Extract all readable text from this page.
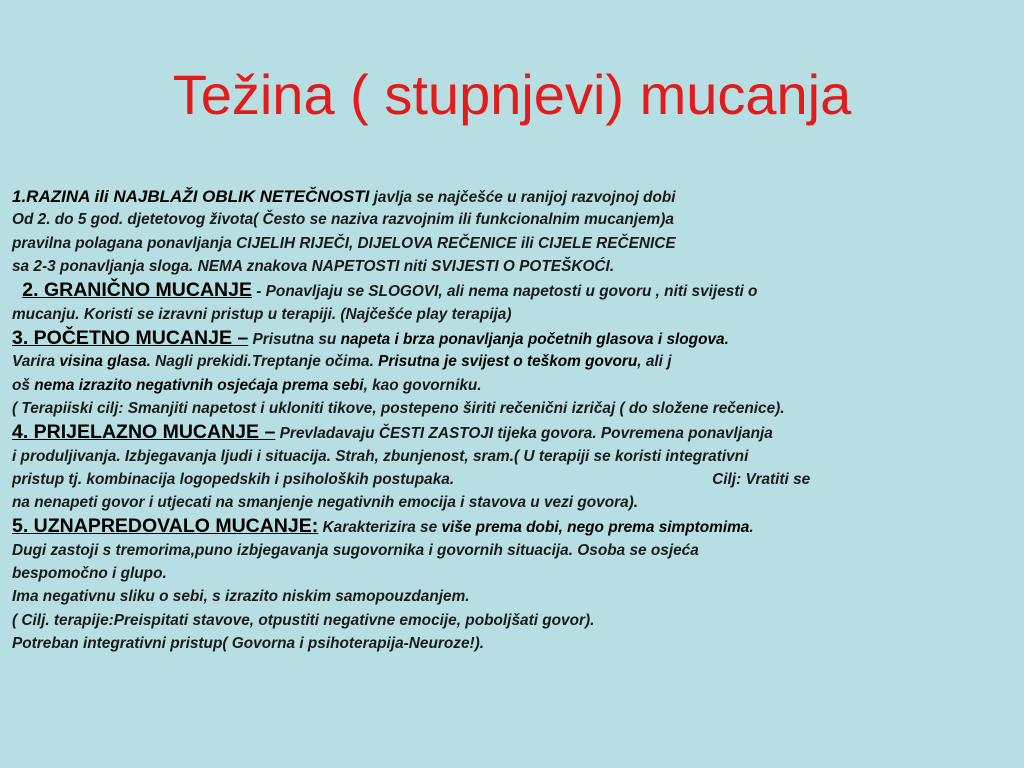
Težina ( stupnjevi) mucanja
1.RAZINA ili NAJBLAŽI OBLIK NETEČNOSTI javlja se najčešće u ranijoj razvojnoj dobi
Od 2. do 5 god. djetetovog života( Često se naziva razvojnim ili funkcionalnim mucanjem)a
pravilna polagana ponavljanja CIJELIH RIJEČI, DIJELOVA REČENICE ili CIJELE REČENICE
sa 2-3 ponavljanja sloga. NEMA znakova NAPETOSTI niti SVIJESTI O POTEŠKOĆI.
2. GRANIČNO MUCANJE - Ponavljaju se SLOGOVI, ali nema napetosti u govoru , niti svijesti o
mucanju. Koristi se izravni pristup u terapiji. (Najčešće play terapija)
3. POČETNO MUCANJE – Prisutna su napeta i brza ponavljanja početnih glasova i slogova.
Varira visina glasa. Nagli prekidi.Treptanje očima. Prisutna je svijest o teškom govoru, ali j
oš nema izrazito negativnih osjećaja prema sebi, kao govorniku.
( Terapiiski cilj: Smanjiti napetost i ukloniti tikove, postepeno širiti rečenični izričaj ( do složene rečenice).
4. PRIJELAZNO MUCANJE – Prevladavaju ČESTI ZASTOJI tijeka govora. Povremena ponavljanja
i produljivanja. Izbjegavanja ljudi i situacija. Strah, zbunjenost, sram.( U terapiji se koristi integrativni
pristup tj. kombinacija logopedskih i psiholoških postupaka.	Cilj: Vratiti se
na nenapeti govor i utjecati na smanjenje negativnih emocija i stavova u vezi govora).
5. UZNAPREDOVALO MUCANJE: Karakterizira se više prema dobi, nego prema simptomima.
Dugi zastoji s tremorima,puno izbjegavanja sugovornika i govornih situacija. Osoba se osjeća
bespomočno i glupo.
Ima negativnu sliku o sebi, s izrazito niskim samopouzdanjem.
( Cilj. terapije:Preispitati stavove, otpustiti negativne emocije, poboljšati govor).
Potreban integrativni pristup( Govorna i psihoterapija-Neuroze!).
